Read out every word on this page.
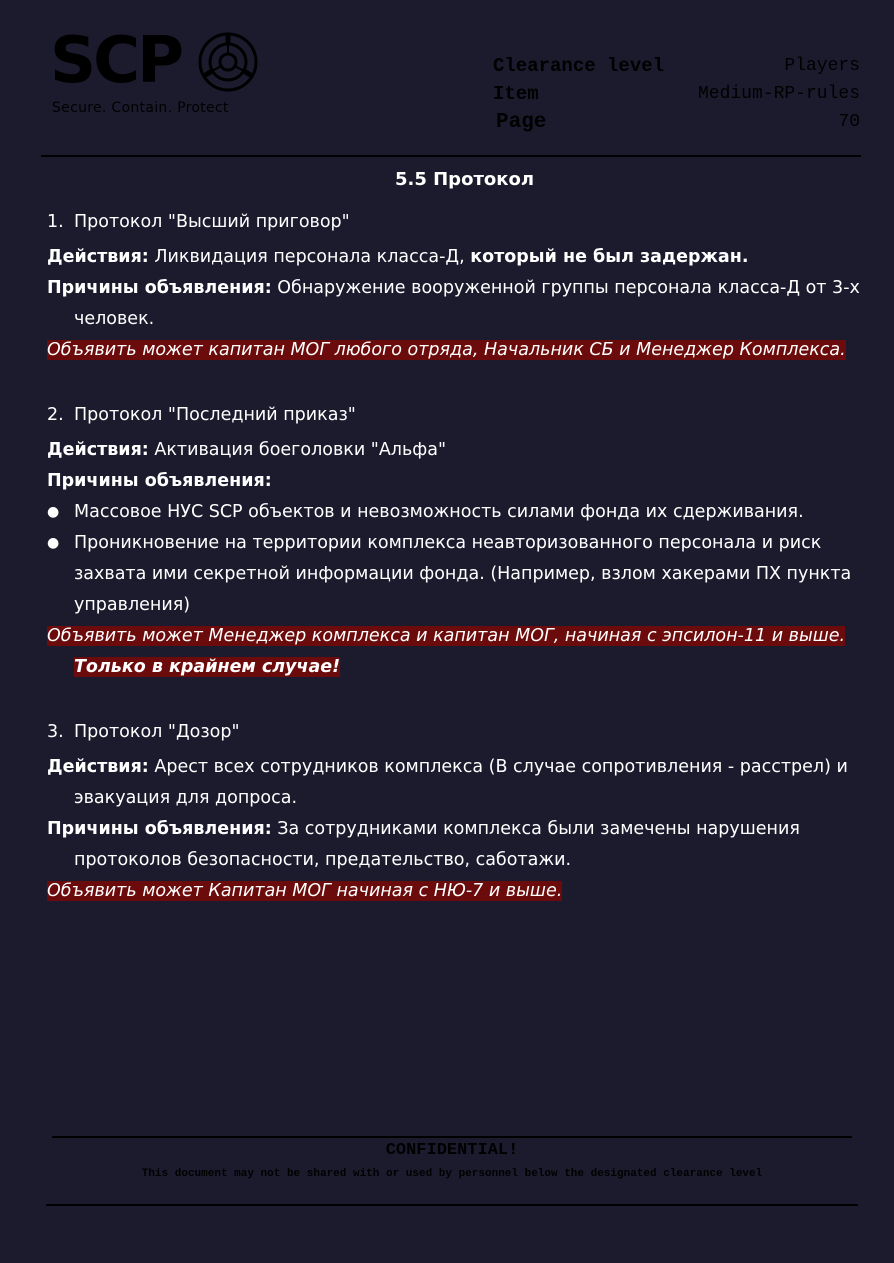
SCP
Secure. Contain. Protect
Clearance level	Players
Item	Medium-RP-rules
Page	70
5.5 Протокол
1. Протокол "Высший приговор"

Действия: Ликвидация персонала класса-Д, который не был задержан.

Причины объявления: Обнаружение вооруженной группы персонала класса-Д от 3-х человек.

Объявить может капитан МОГ любого отряда, Начальник СБ и Менеджер Комплекса.

2. Протокол "Последний приказ"

Действия: Активация боеголовки "Альфа"

Причины объявления:

● Массовое НУС SCP объектов и невозможность силами фонда их сдерживания.
● Проникновение на территории комплекса неавторизованного персонала и риск захвата ими секретной информации фонда. (Например, взлом хакерами ПХ пункта управления)

Объявить может Менеджер комплекса и капитан МОГ, начиная с эпсилон-11 и выше. Только в крайнем случае!

3. Протокол "Дозор"

Действия: Арест всех сотрудников комплекса (В случае сопротивления - расстрел) и эвакуация для допроса.

Причины объявления: За сотрудниками комплекса были замечены нарушения протоколов безопасности, предательство, саботажи.

Объявить может Капитан МОГ начиная с НЮ-7 и выше.

CONFIDENTIAL!
This document may not be shared with or used by personnel below the designated clearance level
